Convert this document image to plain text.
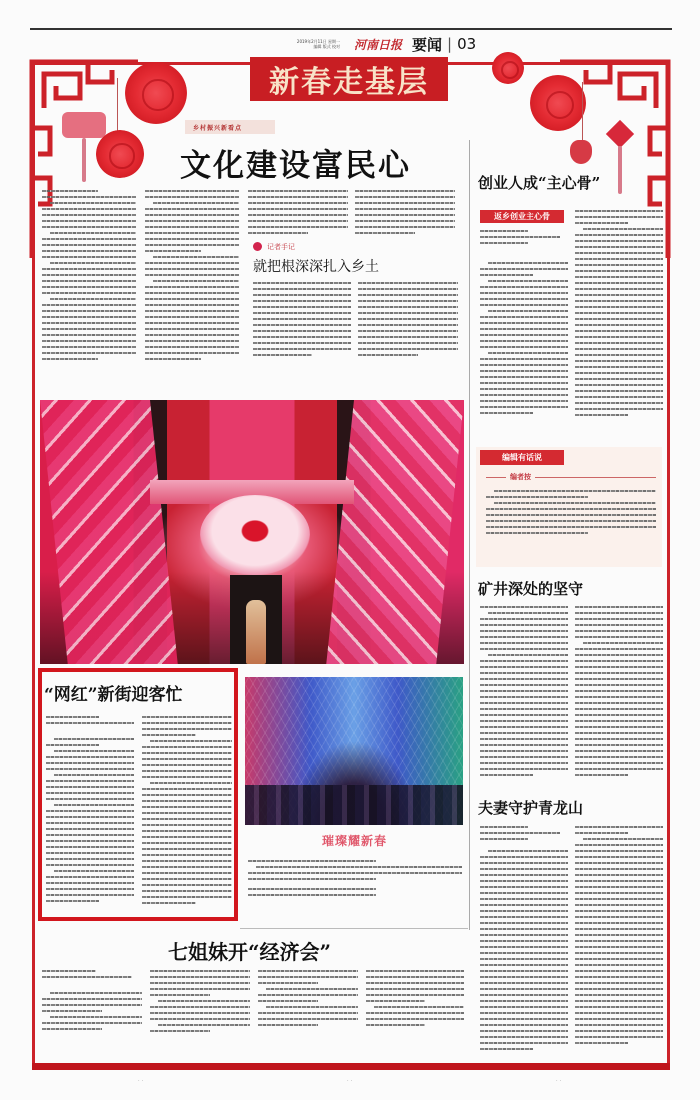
2019年2月11日 星期一
编辑 版式 校对 河南日报 要闻 | 03
新春走基层
乡村振兴新看点
文化建设富民心
记者手记
就把根深深扎入乡土
创业人成“主心骨”
返乡创业主心骨
编辑有话说
编者按
矿井深处的坚守
夫妻守护青龙山
“网红”新街迎客忙
璀璨耀新春
七姐妹开“经济会”
··	··	··
